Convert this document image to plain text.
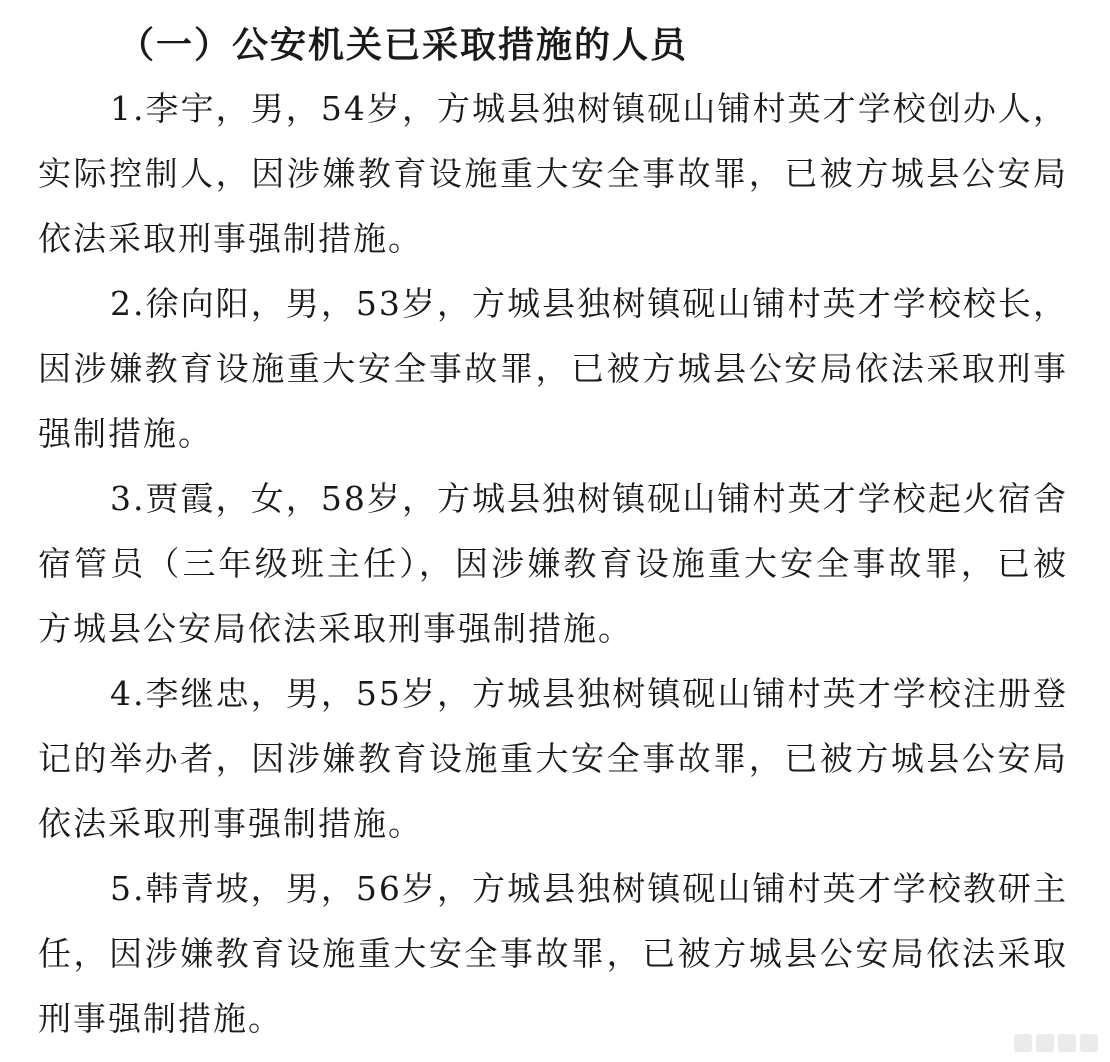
（一）公安机关已采取措施的人员

1.李宇，男，54岁，方城县独树镇砚山铺村英才学校创办人，实际控制人，因涉嫌教育设施重大安全事故罪，已被方城县公安局依法采取刑事强制措施。

2.徐向阳，男，53岁，方城县独树镇砚山铺村英才学校校长，因涉嫌教育设施重大安全事故罪，已被方城县公安局依法采取刑事强制措施。

3.贾霞，女，58岁，方城县独树镇砚山铺村英才学校起火宿舍宿管员（三年级班主任），因涉嫌教育设施重大安全事故罪，已被方城县公安局依法采取刑事强制措施。

4.李继忠，男，55岁，方城县独树镇砚山铺村英才学校注册登记的举办者，因涉嫌教育设施重大安全事故罪，已被方城县公安局依法采取刑事强制措施。

5.韩青坡，男，56岁，方城县独树镇砚山铺村英才学校教研主任，因涉嫌教育设施重大安全事故罪，已被方城县公安局依法采取刑事强制措施。
